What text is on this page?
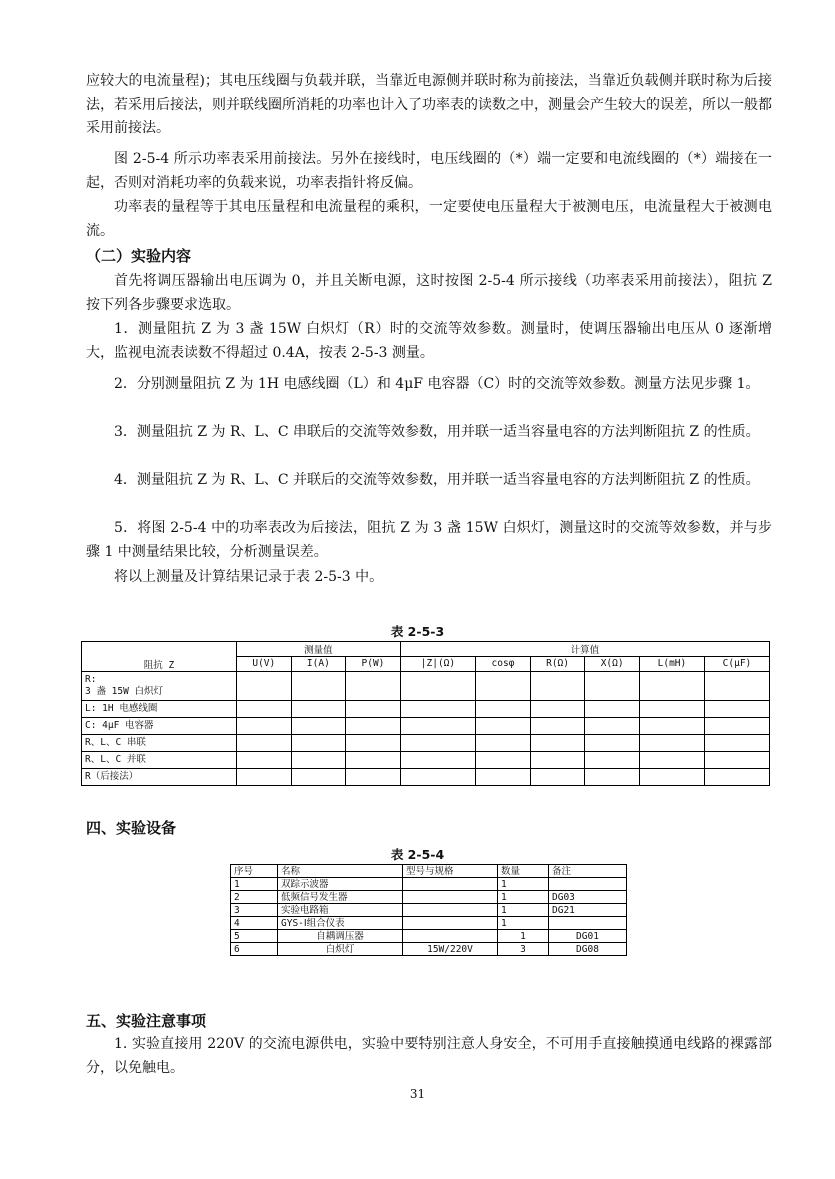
应较大的电流量程)；其电压线圈与负载并联，当靠近电源侧并联时称为前接法，当靠近负载侧并联时称为后接法，若采用后接法，则并联线圈所消耗的功率也计入了功率表的读数之中，测量会产生较大的误差，所以一般都采用前接法。

图 2-5-4 所示功率表采用前接法。另外在接线时，电压线圈的（*）端一定要和电流线圈的（*）端接在一起，否则对消耗功率的负载来说，功率表指针将反偏。

功率表的量程等于其电压量程和电流量程的乘积，一定要使电压量程大于被测电压，电流量程大于被测电流。

（二）实验内容

首先将调压器输出电压调为 0，并且关断电源，这时按图 2-5-4 所示接线（功率表采用前接法），阻抗 Z 按下列各步骤要求选取。

1．测量阻抗 Z 为 3 盏 15W 白炽灯（R）时的交流等效参数。测量时，使调压器输出电压从 0 逐渐增大，监视电流表读数不得超过 0.4A，按表 2-5-3 测量。

2．分别测量阻抗 Z 为 1H 电感线圈（L）和 4μF 电容器（C）时的交流等效参数。测量方法见步骤 1。

3．测量阻抗 Z 为 R、L、C 串联后的交流等效参数，用并联一适当容量电容的方法判断阻抗 Z 的性质。

4．测量阻抗 Z 为 R、L、C 并联后的交流等效参数，用并联一适当容量电容的方法判断阻抗 Z 的性质。

5．将图 2-5-4 中的功率表改为后接法，阻抗 Z 为 3 盏 15W 白炽灯，测量这时的交流等效参数，并与步骤 1 中测量结果比较，分析测量误差。

将以上测量及计算结果记录于表 2-5-3 中。

表 2-5-3
	测量值			计算值					
阻抗 Z	U(V)	I(A)	P(W)	|Z|(Ω)	cosφ	R(Ω)	X(Ω)	L(mH)	C(μF)
R:
3 盏 15W 白炽灯									
L: 1H 电感线圈									
C: 4μF 电容器									
R、L、C 串联									
R、L、C 并联									
R（后接法）									

四、实验设备

表 2-5-4
序号	名称	型号与规格	数量	备注
1	双踪示波器		1	
2	低频信号发生器		1	DG03
3	实验电路箱		1	DG21
4	GYS-Ⅰ组合仪表		1	
5	自耦调压器		1	DG01
6	白炽灯	15W/220V	3	DG08

五、实验注意事项

1. 实验直接用 220V 的交流电源供电，实验中要特别注意人身安全，不可用手直接触摸通电线路的裸露部分，以免触电。

31
